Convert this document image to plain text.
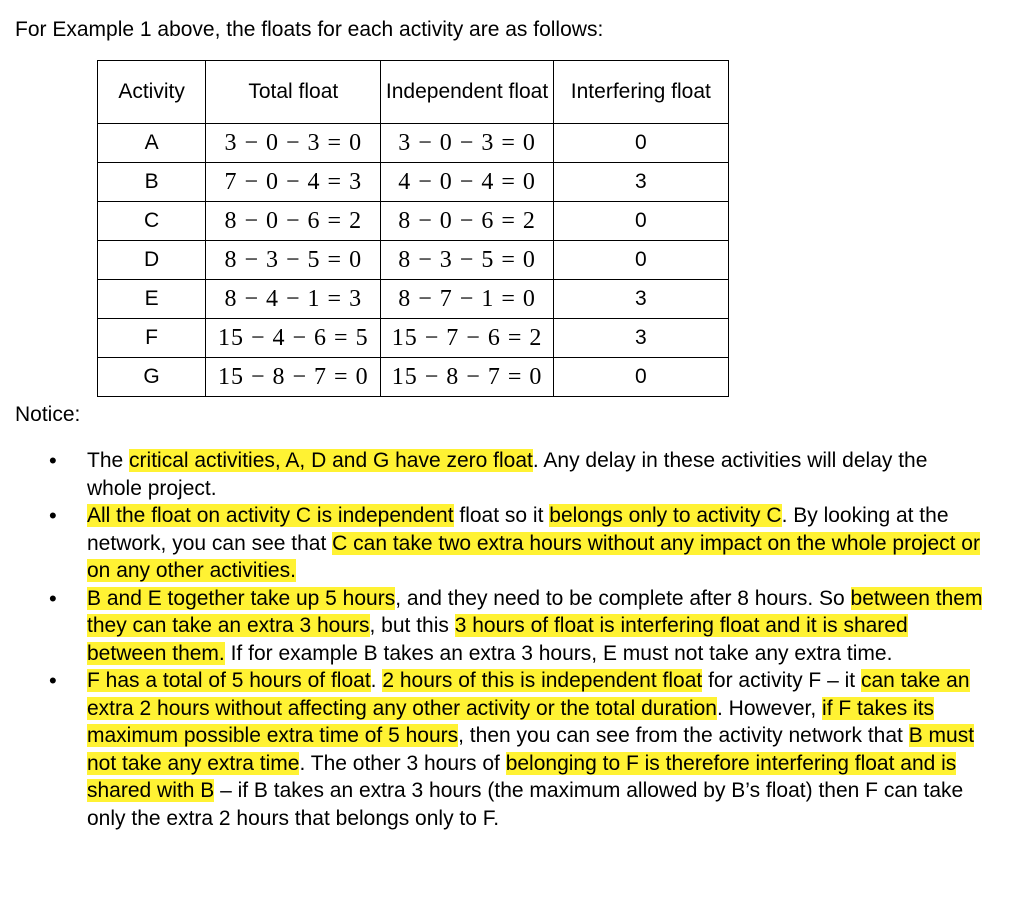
For Example 1 above, the floats for each activity are as follows:
Activity	Total float	Independent float	Interfering float
A	3 − 0 − 3 = 0	3 − 0 − 3 = 0	0
B	7 − 0 − 4 = 3	4 − 0 − 4 = 0	3
C	8 − 0 − 6 = 2	8 − 0 − 6 = 2	0
D	8 − 3 − 5 = 0	8 − 3 − 5 = 0	0
E	8 − 4 − 1 = 3	8 − 7 − 1 = 0	3
F	15 − 4 − 6 = 5	15 − 7 − 6 = 2	3
G	15 − 8 − 7 = 0	15 − 8 − 7 = 0	0
Notice:
• The critical activities, A, D and G have zero float. Any delay in these activities will delay the whole project.
• All the float on activity C is independent float so it belongs only to activity C. By looking at the network, you can see that C can take two extra hours without any impact on the whole project or on any other activities.
• B and E together take up 5 hours, and they need to be complete after 8 hours. So between them they can take an extra 3 hours, but this 3 hours of float is interfering float and it is shared between them. If for example B takes an extra 3 hours, E must not take any extra time.
• F has a total of 5 hours of float. 2 hours of this is independent float for activity F – it can take an extra 2 hours without affecting any other activity or the total duration. However, if F takes its maximum possible extra time of 5 hours, then you can see from the activity network that B must not take any extra time. The other 3 hours of belonging to F is therefore interfering float and is shared with B – if B takes an extra 3 hours (the maximum allowed by B’s float) then F can take only the extra 2 hours that belongs only to F.
